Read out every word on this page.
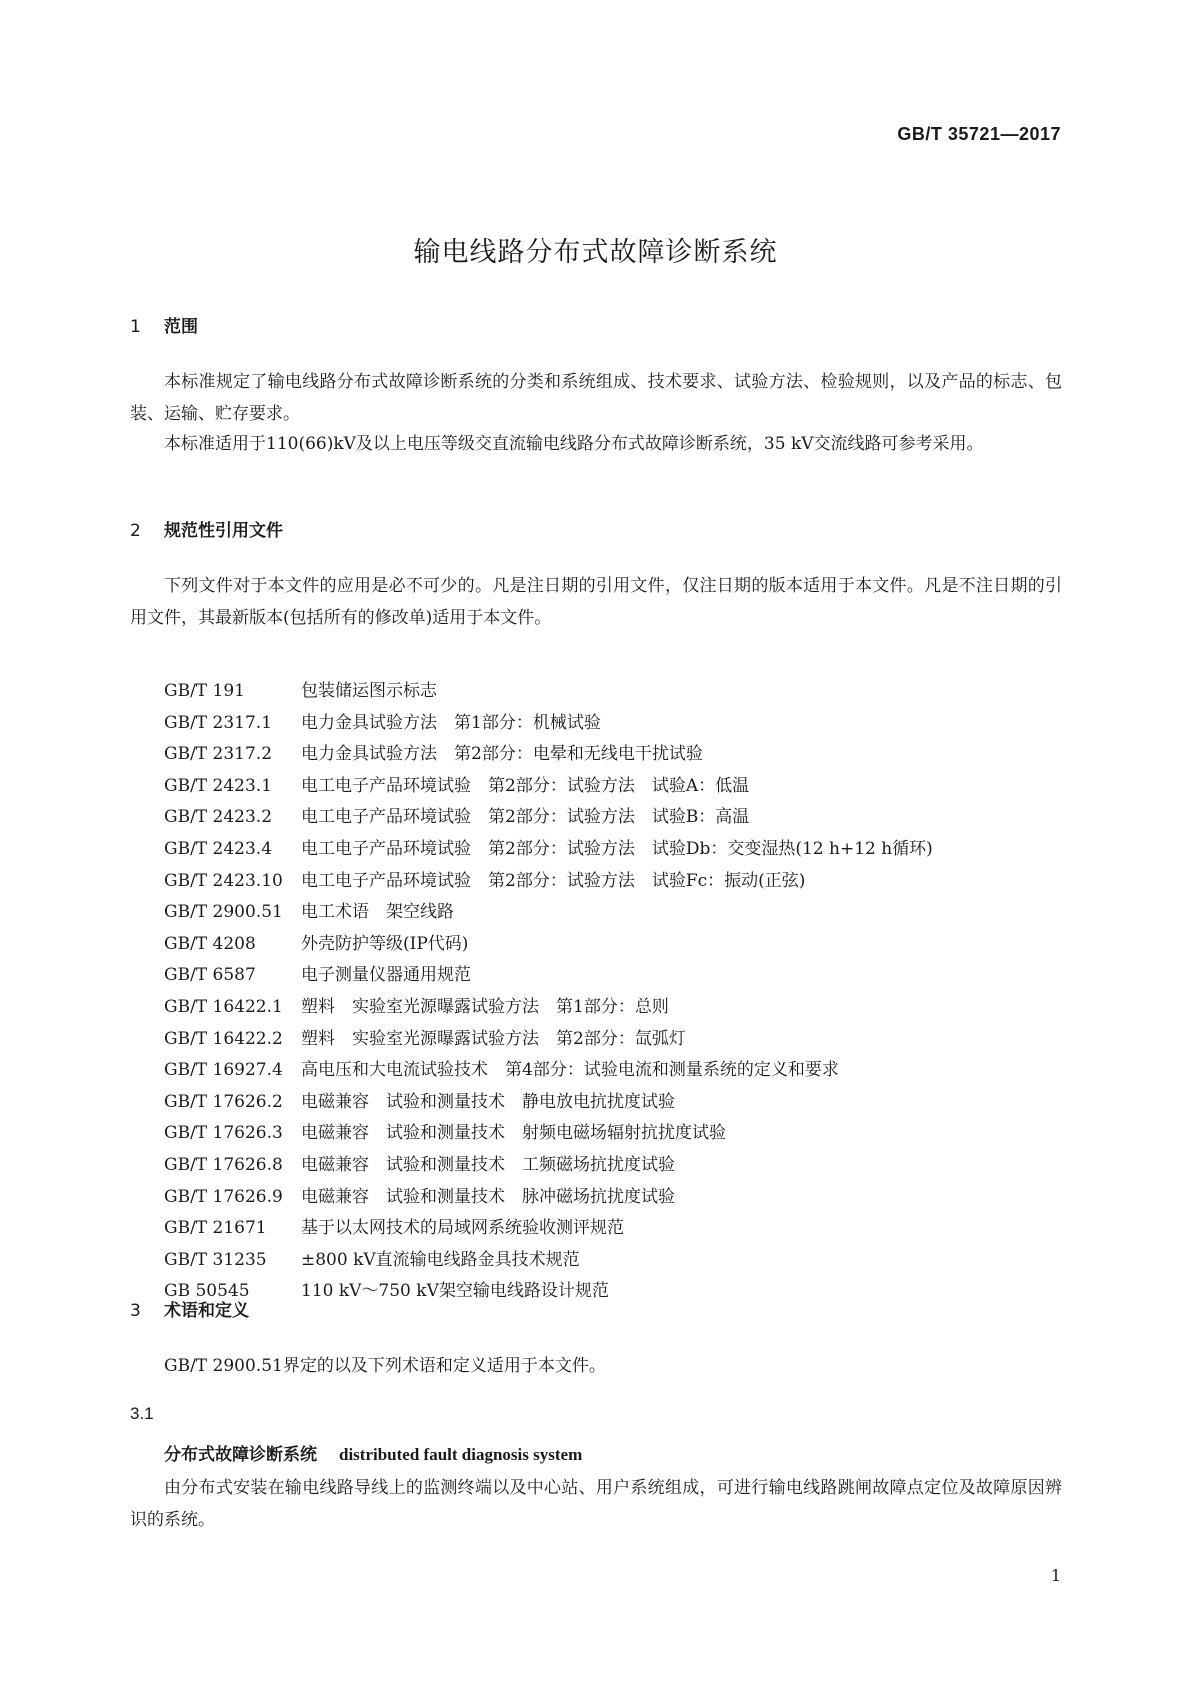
GB/T 35721—2017
输电线路分布式故障诊断系统
1 范围
本标准规定了输电线路分布式故障诊断系统的分类和系统组成、技术要求、试验方法、检验规则，以及产品的标志、包装、运输、贮存要求。
本标准适用于110(66)kV及以上电压等级交直流输电线路分布式故障诊断系统，35 kV交流线路可参考采用。
2 规范性引用文件
下列文件对于本文件的应用是必不可少的。凡是注日期的引用文件，仅注日期的版本适用于本文件。凡是不注日期的引用文件，其最新版本(包括所有的修改单)适用于本文件。
GB/T 191	包装储运图示标志
GB/T 2317.1 电力金具试验方法　第1部分：机械试验
GB/T 2317.2 电力金具试验方法　第2部分：电晕和无线电干扰试验
GB/T 2423.1 电工电子产品环境试验　第2部分：试验方法　试验A：低温
GB/T 2423.2 电工电子产品环境试验　第2部分：试验方法　试验B：高温
GB/T 2423.4 电工电子产品环境试验　第2部分：试验方法　试验Db：交变湿热(12 h+12 h循环)
GB/T 2423.10 电工电子产品环境试验　第2部分：试验方法　试验Fc：振动(正弦)
GB/T 2900.51 电工术语　架空线路
GB/T 4208	外壳防护等级(IP代码)
GB/T 6587	电子测量仪器通用规范
GB/T 16422.1 塑料　实验室光源曝露试验方法　第1部分：总则
GB/T 16422.2 塑料　实验室光源曝露试验方法　第2部分：氙弧灯
GB/T 16927.4 高电压和大电流试验技术　第4部分：试验电流和测量系统的定义和要求
GB/T 17626.2 电磁兼容　试验和测量技术　静电放电抗扰度试验
GB/T 17626.3 电磁兼容　试验和测量技术　射频电磁场辐射抗扰度试验
GB/T 17626.8 电磁兼容　试验和测量技术　工频磁场抗扰度试验
GB/T 17626.9 电磁兼容　试验和测量技术　脉冲磁场抗扰度试验
GB/T 21671 基于以太网技术的局域网系统验收测评规范
GB/T 31235 ±800 kV直流输电线路金具技术规范
GB 50545	110 kV～750 kV架空输电线路设计规范
3 术语和定义
GB/T 2900.51界定的以及下列术语和定义适用于本文件。
3.1
分布式故障诊断系统 distributed fault diagnosis system
由分布式安装在输电线路导线上的监测终端以及中心站、用户系统组成，可进行输电线路跳闸故障点定位及故障原因辨识的系统。
1
